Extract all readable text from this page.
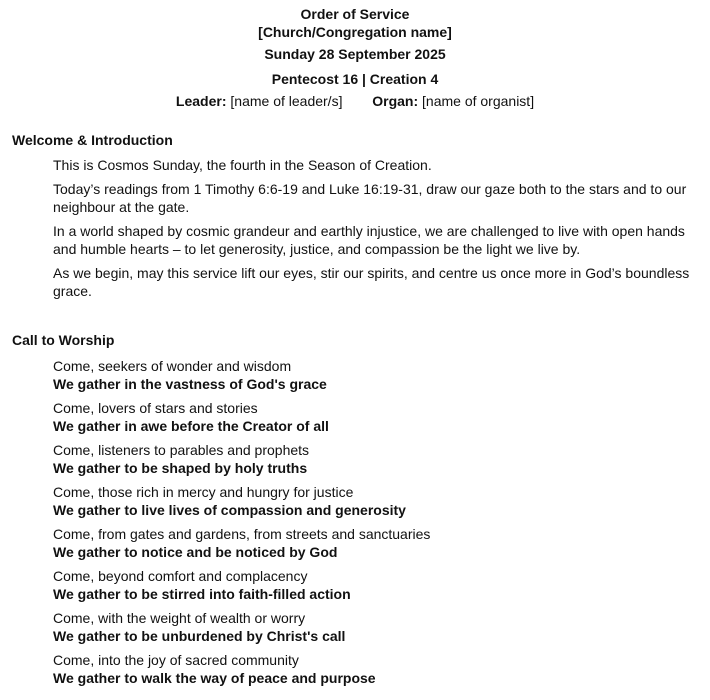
Order of Service
[Church/Congregation name]
Sunday 28 September 2025
Pentecost 16 | Creation 4
Leader: [name of leader/s] Organ: [name of organist]
Welcome & Introduction
This is Cosmos Sunday, the fourth in the Season of Creation.
Today’s readings from 1 Timothy 6:6-19 and Luke 16:19-31, draw our gaze both to the stars and to our neighbour at the gate.
In a world shaped by cosmic grandeur and earthly injustice, we are challenged to live with open hands and humble hearts – to let generosity, justice, and compassion be the light we live by.
As we begin, may this service lift our eyes, stir our spirits, and centre us once more in God’s boundless grace.
Call to Worship
Come, seekers of wonder and wisdom
We gather in the vastness of God's grace
Come, lovers of stars and stories
We gather in awe before the Creator of all
Come, listeners to parables and prophets
We gather to be shaped by holy truths
Come, those rich in mercy and hungry for justice
We gather to live lives of compassion and generosity
Come, from gates and gardens, from streets and sanctuaries
We gather to notice and be noticed by God
Come, beyond comfort and complacency
We gather to be stirred into faith-filled action
Come, with the weight of wealth or worry
We gather to be unburdened by Christ's call
Come, into the joy of sacred community
We gather to walk the way of peace and purpose
